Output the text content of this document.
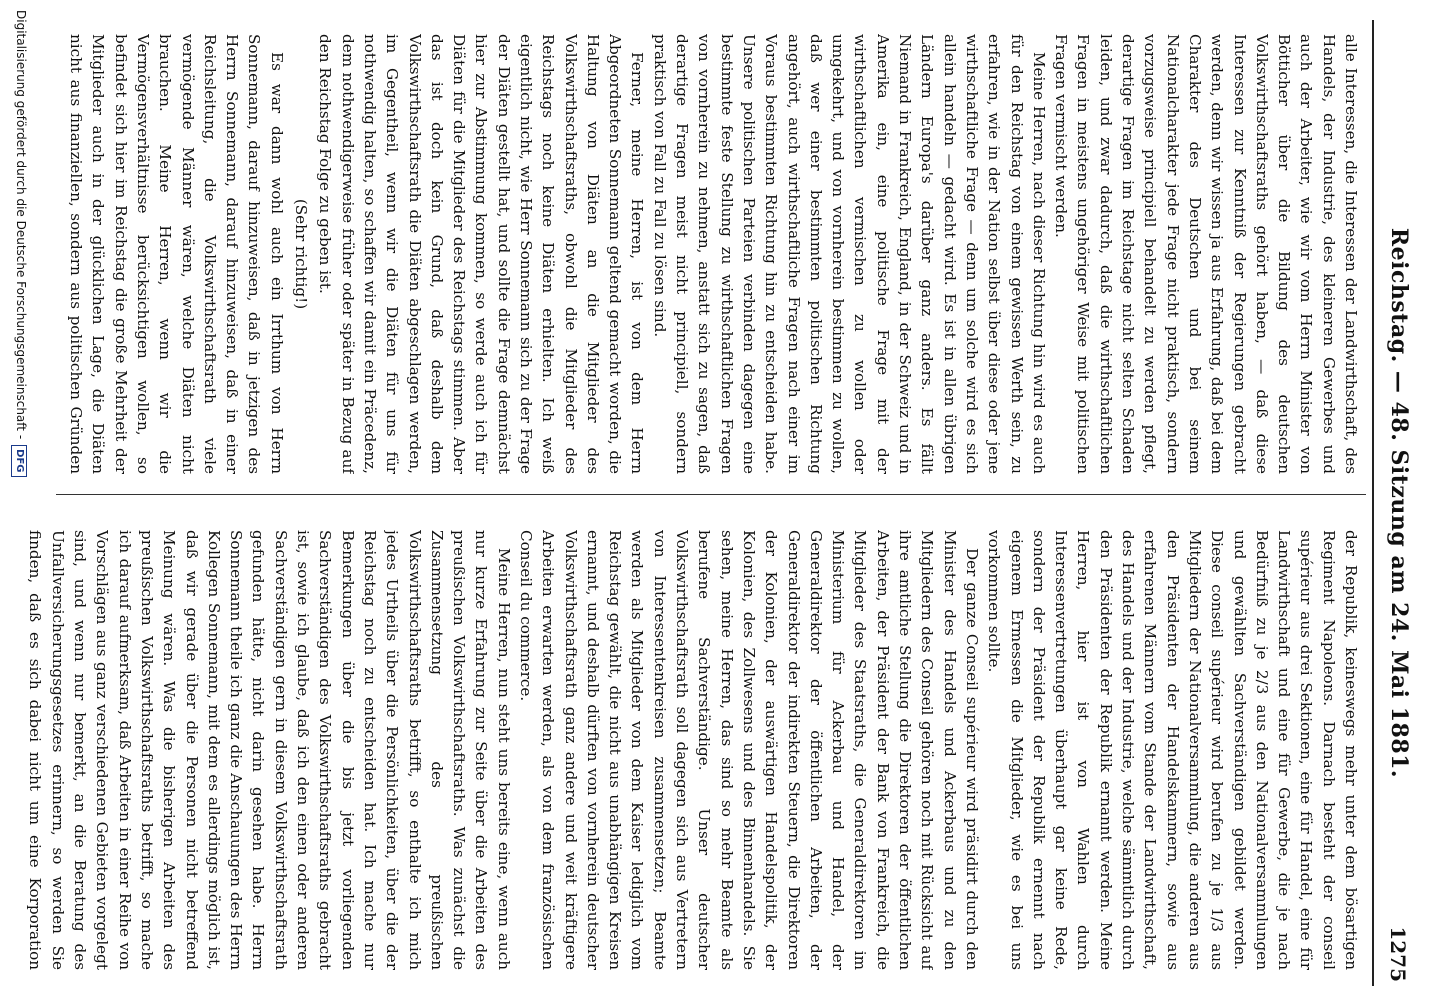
Reichstag. — 48. Sitzung am 24. Mai 1881.
1275

alle Interessen, die Interessen der Landwirthschaft, des Handels, der Industrie, des kleineren Gewerbes und auch der Arbeiter, wie wir vom Herrn Minister von Bötticher über die Bildung des deutschen Volkswirthschaftsraths gehört haben, — daß diese Interessen zur Kenntniß der Regierungen gebracht werden, denn wir wissen ja aus Erfahrung, daß bei dem Charakter des Deutschen und bei seinem Nationalcharakter jede Frage nicht praktisch, sondern vorzugsweise principiell behandelt zu werden pflegt, derartige Fragen im Reichstage nicht selten Schaden leiden, und zwar dadurch, daß die wirthschaftlichen Fragen in meistens ungehöriger Weise mit politischen Fragen vermischt werden.

Meine Herren, nach dieser Richtung hin wird es auch für den Reichstag von einem gewissen Werth sein, zu erfahren, wie in der Nation selbst über diese oder jene wirthschaftliche Frage — denn um solche wird es sich allein handeln — gedacht wird. Es ist in allen übrigen Ländern Europa's darüber ganz anders. Es fällt Niemand in Frankreich, England, in der Schweiz und in Amerika ein, eine politische Frage mit der wirthschaftlichen vermischen zu wollen oder umgekehrt, und von vornherein bestimmen zu wollen, daß wer einer bestimmten politischen Richtung angehört, auch wirthschaftliche Fragen nach einer im Voraus bestimmten Richtung hin zu entscheiden habe. Unsere politischen Parteien verbinden dagegen eine bestimmte feste Stellung zu wirthschaftlichen Fragen von vornherein zu nehmen, anstatt sich zu sagen, daß derartige Fragen meist nicht principiell, sondern praktisch von Fall zu Fall zu lösen sind.

Ferner, meine Herren, ist von dem Herrn Abgeordneten Sonnemann geltend gemacht worden, die Haltung von Diäten an die Mitglieder des Volkswirthschaftsraths, obwohl die Mitglieder des Reichstags noch keine Diäten erhielten. Ich weiß eigentlich nicht, wie Herr Sonnemann sich zu der Frage der Diäten gestellt hat, und sollte die Frage demnächst hier zur Abstimmung kommen, so werde auch ich für Diäten für die Mitglieder des Reichstags stimmen. Aber das ist doch kein Grund, daß deshalb dem Volkswirthschaftsrath die Diäten abgeschlagen werden, im Gegentheil, wenn wir die Diäten für uns für nothwendig halten, so schaffen wir damit ein Präcedenz, dem nothwendigerweise früher oder später in Bezug auf den Reichstag Folge zu geben ist.

(Sehr richtig!)

Es war dann wohl auch ein Irrthum von Herrn Sonnemann, darauf hinzuweisen, daß in jetzigen des Herrn Sonnemann, darauf hinzuweisen, daß in einer Reichsleitung, die Volkswirthschaftsrath viele vermögende Männer wären, welche Diäten nicht brauchen. Meine Herren, wenn wir die Vermögensverhältnisse berücksichtigen wollen, so befindet sich hier im Reichstag die große Mehrheit der Mitglieder auch in der glücklichen Lage, die Diäten nicht aus finanziellen, sondern aus politischen Gründen

der Republik, keineswegs mehr unter dem bösartigen Regiment Napoleons. Darnach besteht der conseil supérieur aus drei Sektionen, eine für Handel, eine für Landwirthschaft und eine für Gewerbe, die je nach Bedürfniß zu je 2/3 aus den Nationalversammlungen und gewählten Sachverständigen gebildet werden. Diese conseil supérieur wird berufen zu je 1/3 aus Mitgliedern der Nationalversammlung, die anderen aus den Präsidenten der Handelskammern, sowie aus erfahrenen Männern vom Stande der Landwirthschaft, des Handels und der Industrie, welche sämmtlich durch den Präsidenten der Republik ernannt werden. Meine Herren, hier ist von Wahlen durch Interessenvertretungen überhaupt gar keine Rede, sondern der Präsident der Republik ernennt nach eigenem Ermessen die Mitglieder, wie es bei uns vorkommen sollte.

Der ganze Conseil supérieur wird präsidirt durch den Minister des Handels und Ackerbaus und zu den Mitgliedern des Conseil gehören noch mit Rücksicht auf ihre amtliche Stellung die Direktoren der öffentlichen Arbeiten, der Präsident der Bank von Frankreich, die Mitglieder des Staatsraths, die Generaldirektoren im Ministerium für Ackerbau und Handel, der Generaldirektor der öffentlichen Arbeiten, der Generaldirektor der indirekten Steuern, die Direktoren der Kolonien, der auswärtigen Handelspolitik, der Kolonien, des Zollwesens und des Binnenhandels. Sie sehen, meine Herren, das sind so mehr Beamte als berufene Sachverständige. Unser deutscher Volkswirthschaftsrath soll dagegen sich aus Vertretern von Interessentenkreisen zusammensetzen; Beamte werden als Mitglieder von dem Kaiser lediglich vom Reichstag gewählt, die nicht aus unabhängigen Kreisen ernannt, und deshalb dürften von vornherein deutscher Volkswirthschaftsrath ganz andere und weit kräftigere Arbeiten erwarten werden, als von dem französischen Conseil du commerce.

Meine Herren, nun steht uns bereits eine, wenn auch nur kurze Erfahrung zur Seite über die Arbeiten des preußischen Volkswirthschaftsraths. Was zunächst die Zusammensetzung des preußischen Volkswirthschaftsraths betrifft, so enthalte ich mich jedes Urtheils über die Persönlichkeiten, über die der Reichstag noch zu entscheiden hat. Ich mache nur Bemerkungen über die bis jetzt vorliegenden Sachverständigen des Volkswirthschaftsraths gebracht ist, sowie ich glaube, daß ich den einen oder anderen Sachverständigen gern in diesem Volkswirthschaftsrath gefunden hätte, nicht darin gesehen habe. Herrn Sonnemann theile ich ganz die Anschauungen des Herrn Kollegen Sonnemann, mit dem es allerdings möglich ist, daß wir gerade über die Personen nicht betreffend Meinung wären. Was die bisherigen Arbeiten des preußischen Volkswirthschaftsraths betrifft, so mache ich darauf aufmerksam, daß Arbeiten in einer Reihe von Vorschlägen aus ganz verschiedenen Gebieten vorgelegt sind, und wenn nur bemerkt, an die Beratung des Unfallversicherungsgesetzes erinnern, so werden Sie finden, daß es sich dabei nicht um eine Korporation

Digitalisierung gefördert durch die Deutsche Forschungsgemeinschaft -DFG
